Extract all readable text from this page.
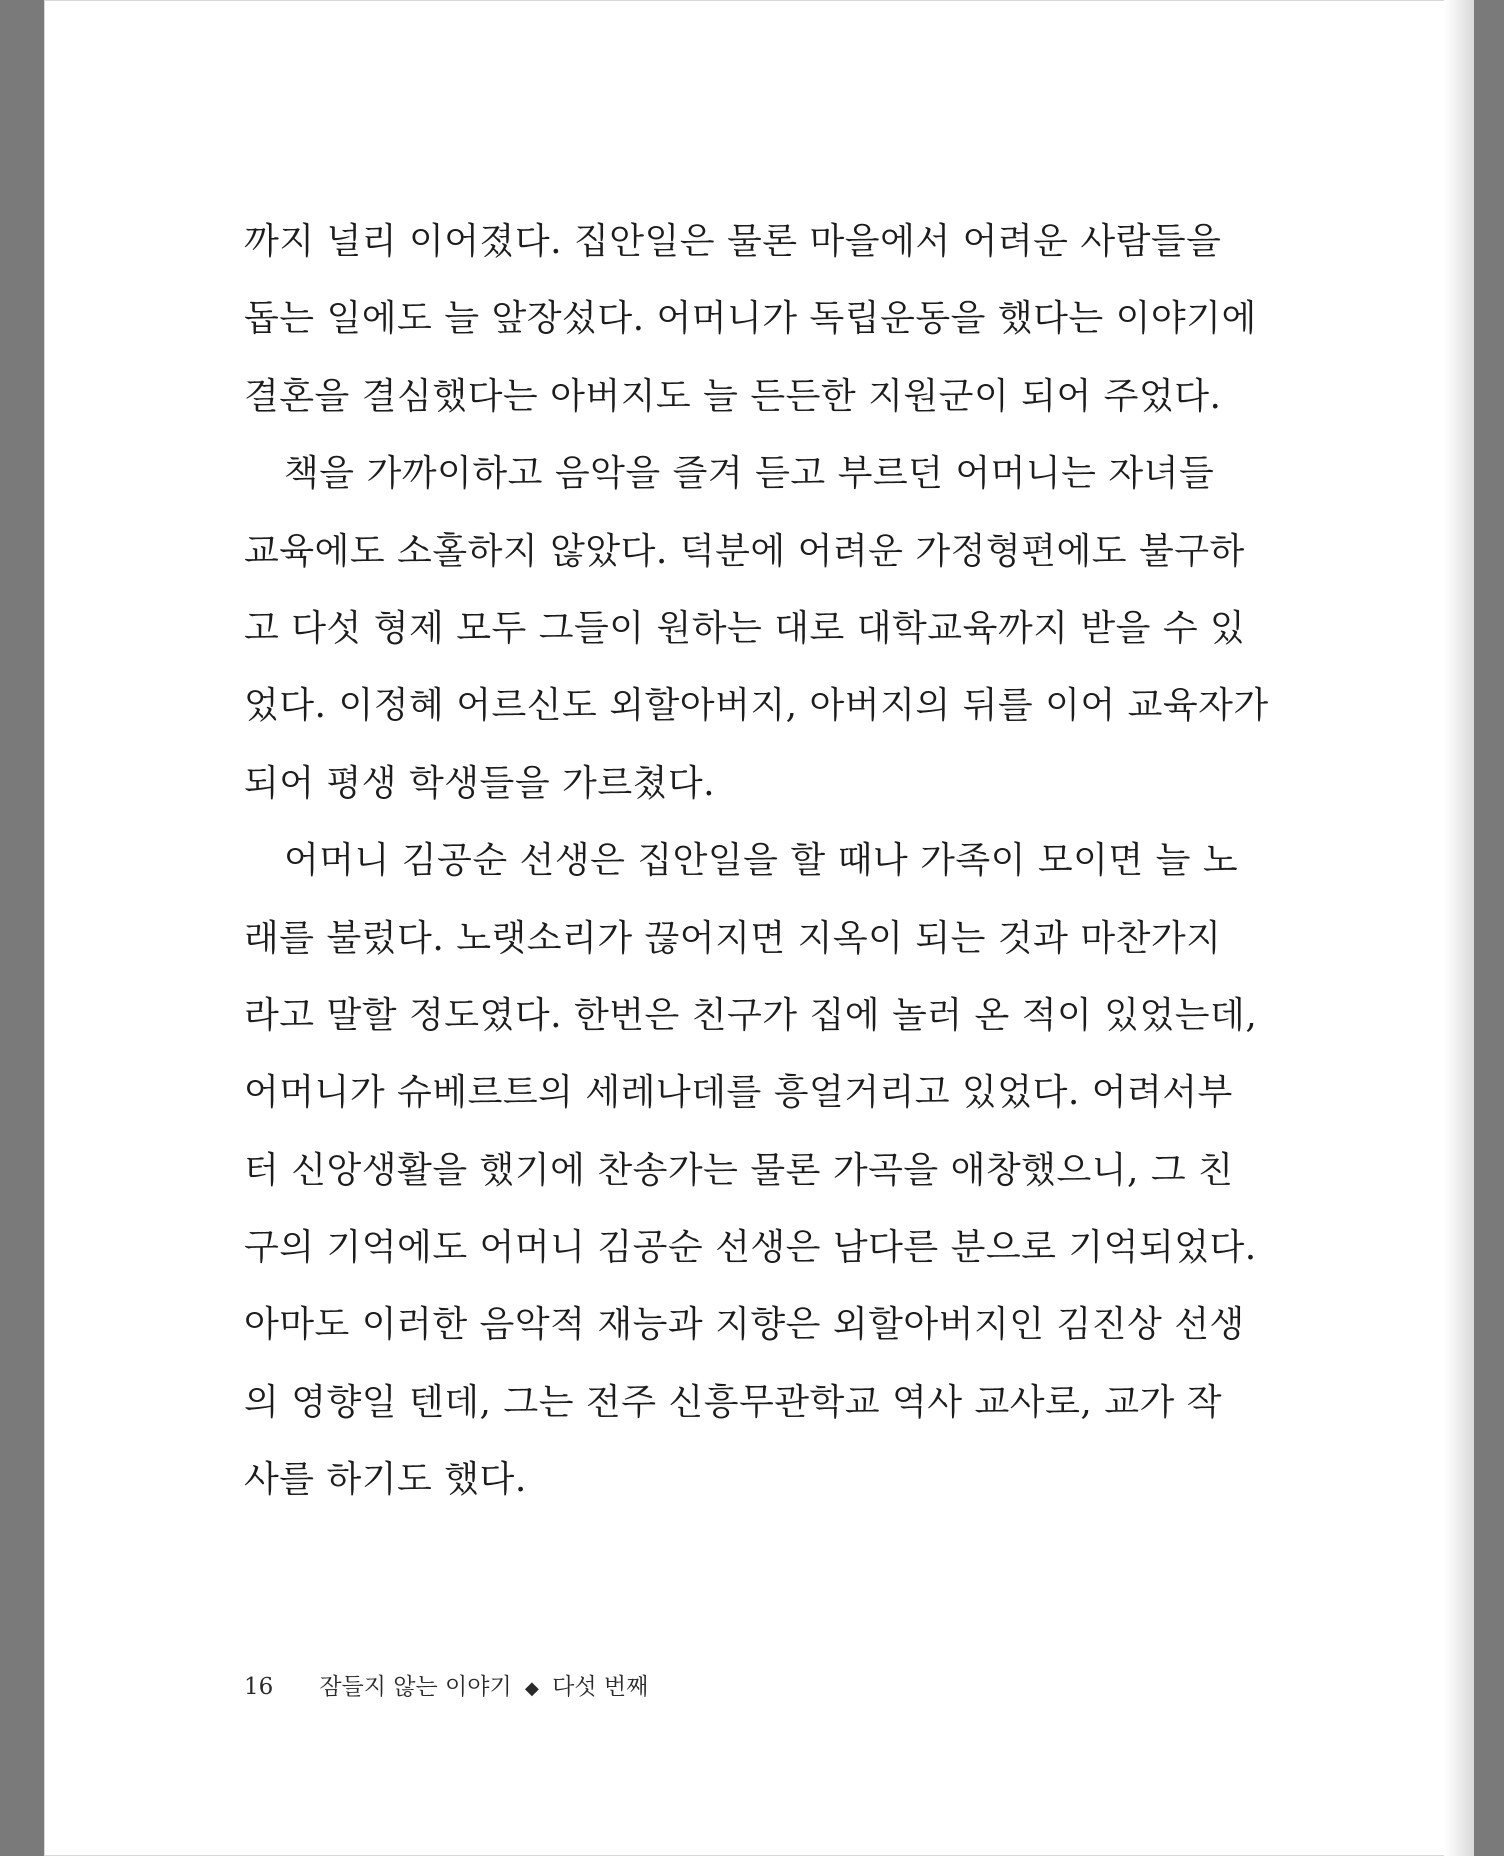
까지 널리 이어졌다. 집안일은 물론 마을에서 어려운 사람들을
돕는 일에도 늘 앞장섰다. 어머니가 독립운동을 했다는 이야기에
결혼을 결심했다는 아버지도 늘 든든한 지원군이 되어 주었다.
책을 가까이하고 음악을 즐겨 듣고 부르던 어머니는 자녀들
교육에도 소홀하지 않았다. 덕분에 어려운 가정형편에도 불구하
고 다섯 형제 모두 그들이 원하는 대로 대학교육까지 받을 수 있
었다. 이정혜 어르신도 외할아버지, 아버지의 뒤를 이어 교육자가
되어 평생 학생들을 가르쳤다.
어머니 김공순 선생은 집안일을 할 때나 가족이 모이면 늘 노
래를 불렀다. 노랫소리가 끊어지면 지옥이 되는 것과 마찬가지
라고 말할 정도였다. 한번은 친구가 집에 놀러 온 적이 있었는데,
어머니가 슈베르트의 세레나데를 흥얼거리고 있었다. 어려서부
터 신앙생활을 했기에 찬송가는 물론 가곡을 애창했으니, 그 친
구의 기억에도 어머니 김공순 선생은 남다른 분으로 기억되었다.
아마도 이러한 음악적 재능과 지향은 외할아버지인 김진상 선생
의 영향일 텐데, 그는 전주 신흥무관학교 역사 교사로, 교가 작
사를 하기도 했다.
16 잠들지 않는 이야기 ◆ 다섯 번째
